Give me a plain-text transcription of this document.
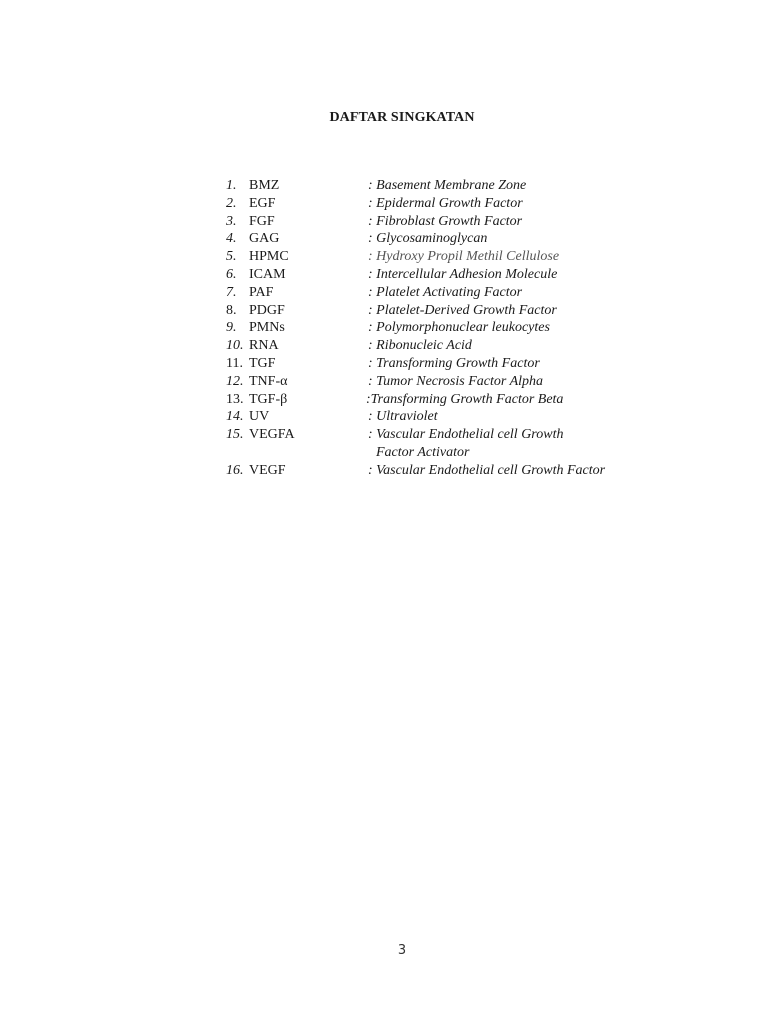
DAFTAR SINGKATAN
1. BMZ	: Basement Membrane Zone
2. EGF	: Epidermal Growth Factor
3. FGF	: Fibroblast Growth Factor
4. GAG	: Glycosaminoglycan
5. HPMC	: Hydroxy Propil Methil Cellulose
6. ICAM	: Intercellular Adhesion Molecule
7. PAF	: Platelet Activating Factor
8. PDGF	: Platelet-Derived Growth Factor
9. PMNs	: Polymorphonuclear leukocytes
10. RNA	: Ribonucleic Acid
11. TGF	: Transforming Growth Factor
12. TNF-α	: Tumor Necrosis Factor Alpha
13. TGF-β	:Transforming Growth Factor Beta
14. UV	: Ultraviolet
15. VEGFA	: Vascular Endothelial cell Growth
Factor Activator
16. VEGF	: Vascular Endothelial cell Growth Factor
3
